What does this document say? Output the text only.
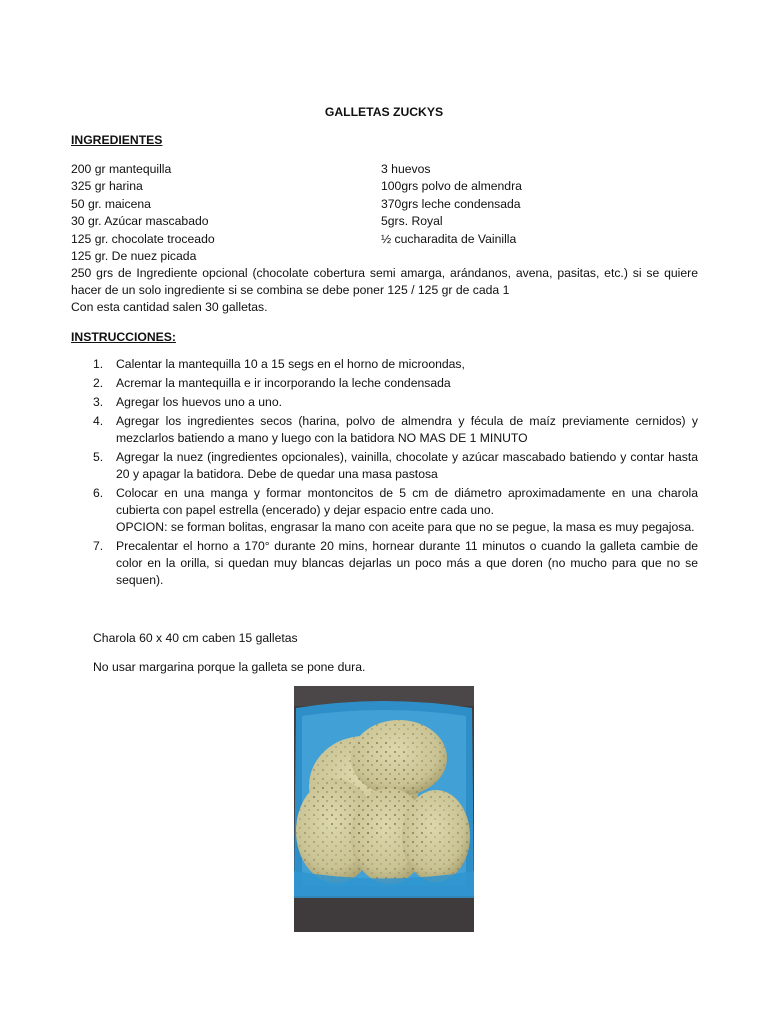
GALLETAS ZUCKYS
INGREDIENTES
200 gr mantequilla
325 gr harina
50 gr. maicena
30 gr. Azúcar mascabado
125 gr. chocolate troceado
125 gr. De nuez picada
3 huevos
100grs polvo de almendra
370grs leche condensada
5grs. Royal
½ cucharadita de Vainilla
250 grs de Ingrediente opcional (chocolate cobertura semi amarga, arándanos, avena, pasitas, etc.) si se quiere hacer de un solo ingrediente si se combina se debe poner 125 / 125 gr de cada 1
Con esta cantidad salen 30 galletas.
INSTRUCCIONES:
1. Calentar la mantequilla 10 a 15 segs en el horno de microondas,
2. Acremar la mantequilla e ir incorporando la leche condensada
3. Agregar los huevos uno a uno.
4. Agregar los ingredientes secos (harina, polvo de almendra y fécula de maíz previamente cernidos) y mezclarlos batiendo a mano y luego con la batidora NO MAS DE 1 MINUTO
5. Agregar la nuez (ingredientes opcionales), vainilla, chocolate y azúcar mascabado batiendo y contar hasta 20 y apagar la batidora. Debe de quedar una masa pastosa
6. Colocar en una manga y formar montoncitos de 5 cm de diámetro aproximadamente en una charola cubierta con papel estrella (encerado) y dejar espacio entre cada uno.
OPCION: se forman bolitas, engrasar la mano con aceite para que no se pegue, la masa es muy pegajosa.
7. Precalentar el horno a 170° durante 20 mins, hornear durante 11 minutos o cuando la galleta cambie de color en la orilla, si quedan muy blancas dejarlas un poco más a que doren (no mucho para que no se sequen).
Charola 60 x 40 cm caben 15 galletas
No usar margarina porque la galleta se pone dura.
